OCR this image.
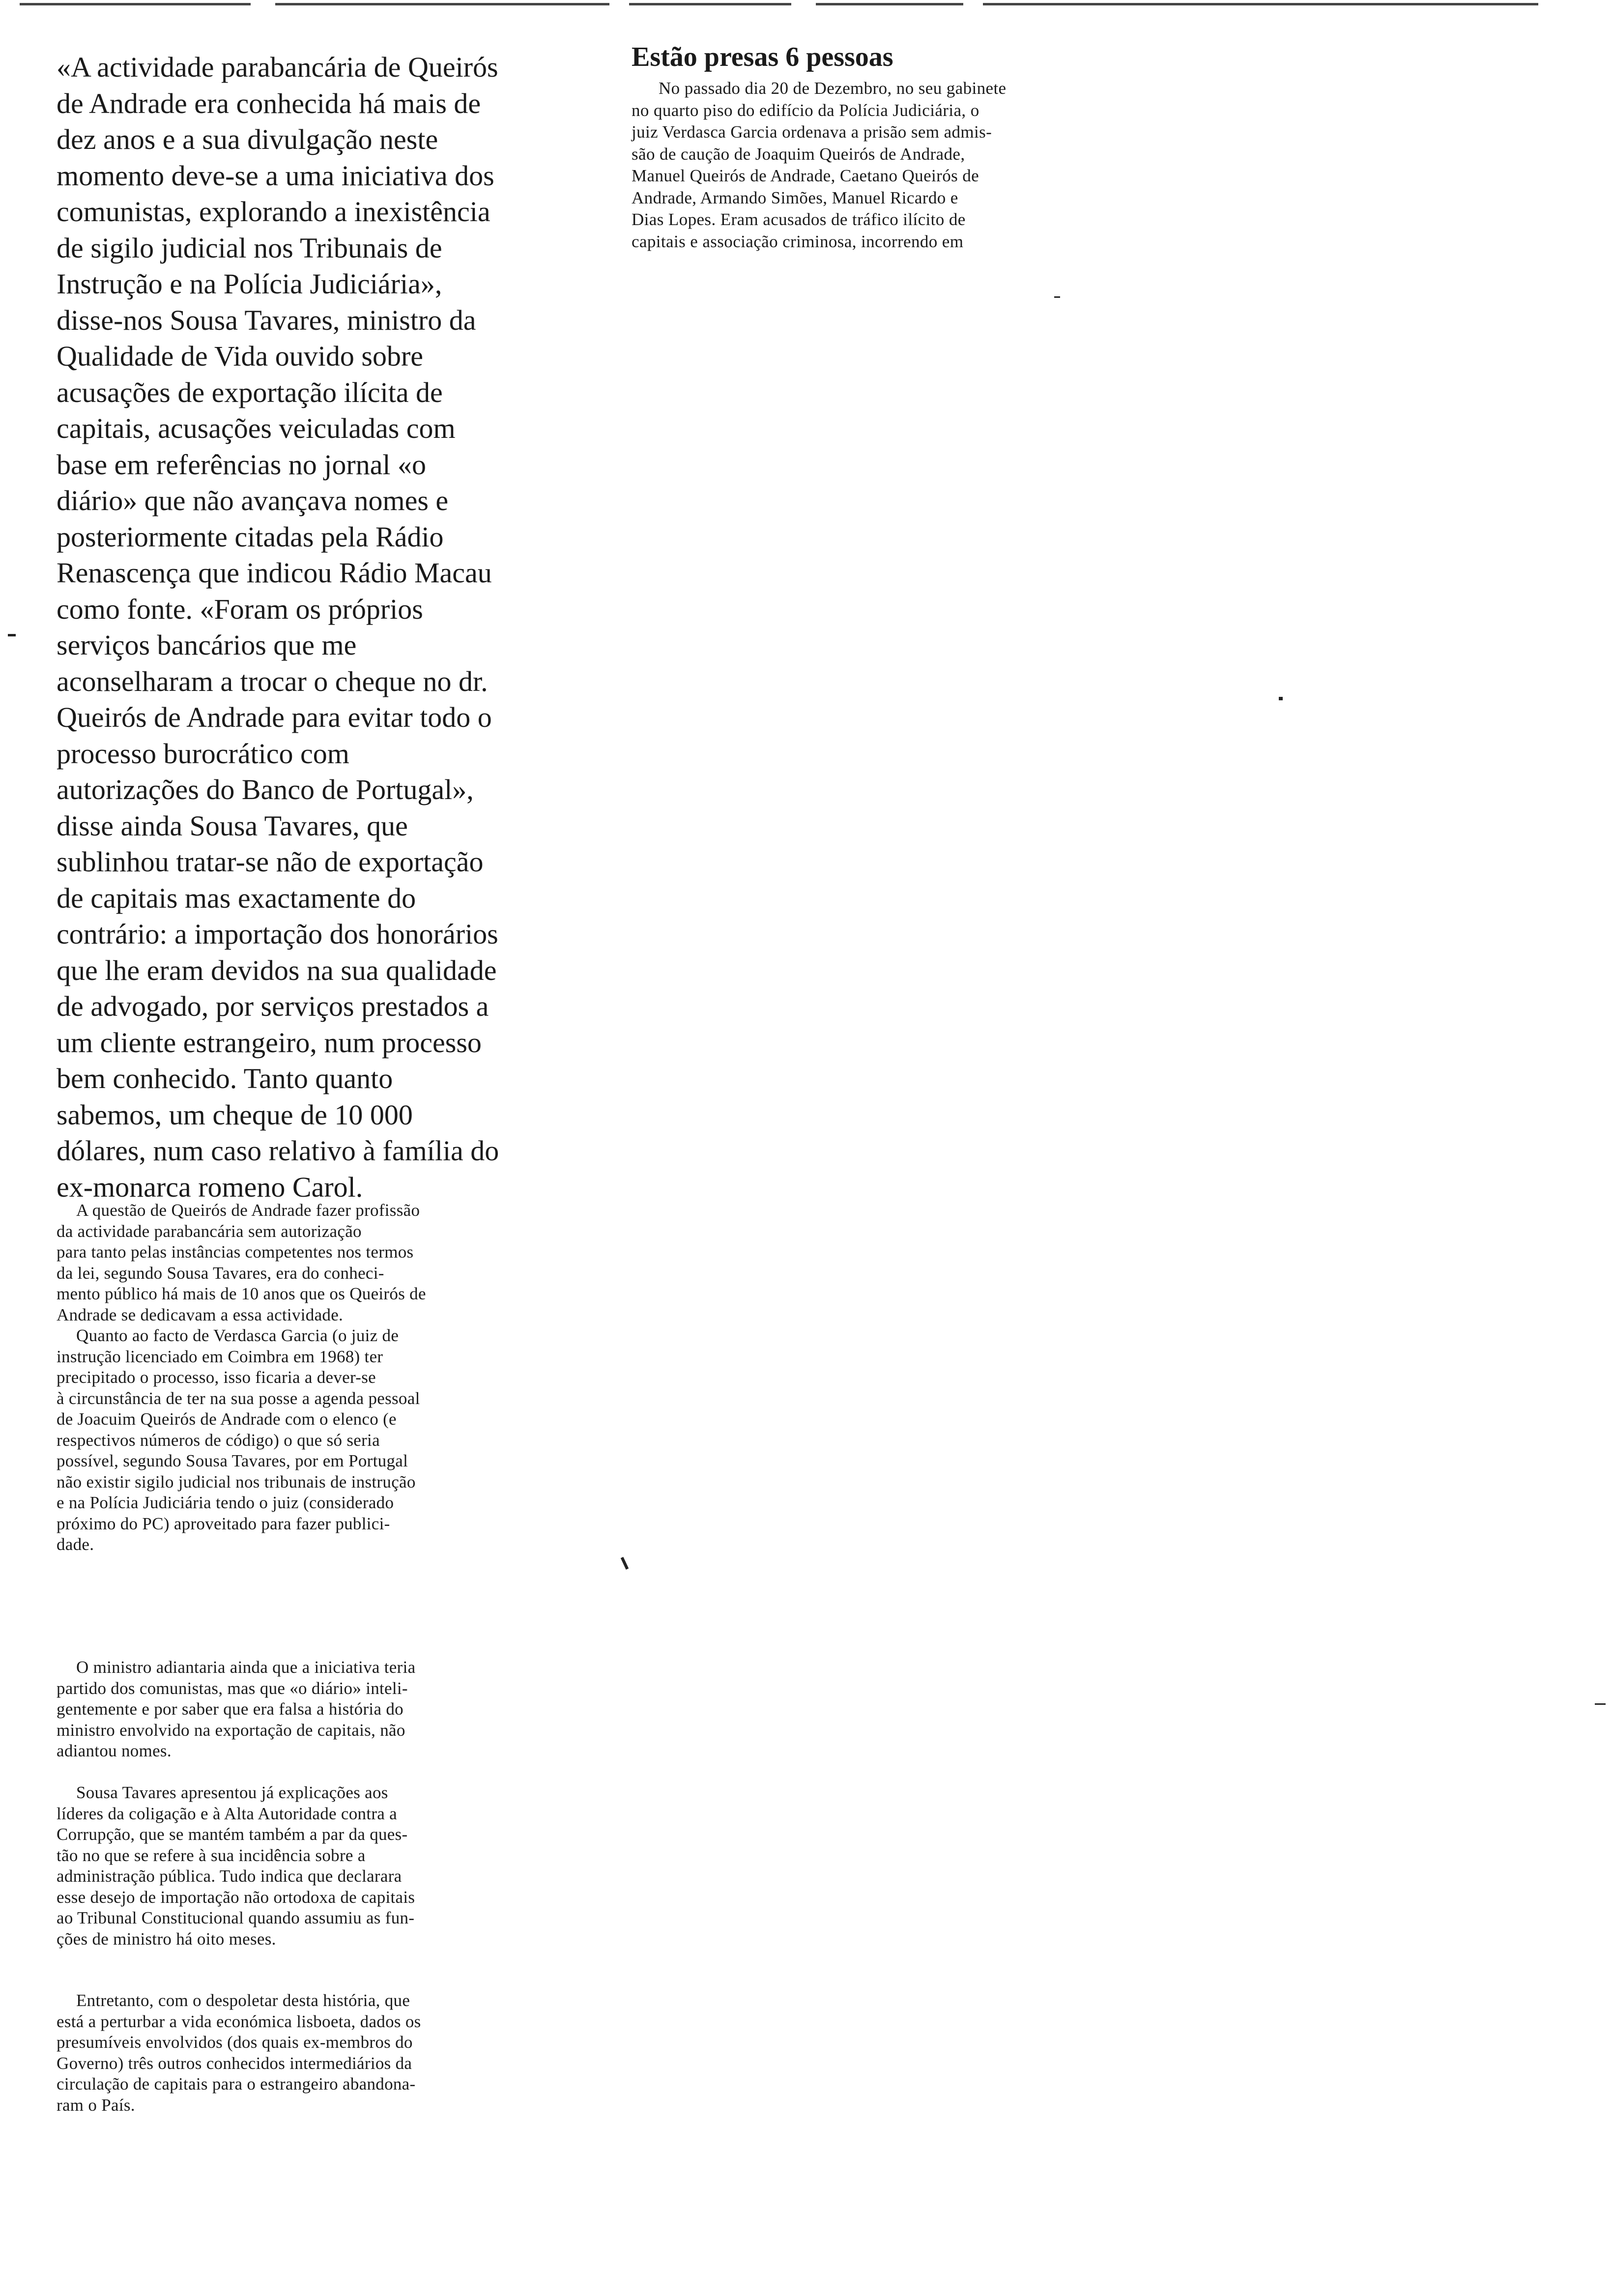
«A actividade parabancária de Queirós
de Andrade era conhecida há mais de
dez anos e a sua divulgação neste
momento deve-se a uma iniciativa dos
comunistas, explorando a inexistência
de sigilo judicial nos Tribunais de
Instrução e na Polícia Judiciária»,
disse-nos Sousa Tavares, ministro da
Qualidade de Vida ouvido sobre
acusações de exportação ilícita de
capitais, acusações veiculadas com
base em referências no jornal «o
diário» que não avançava nomes e
posteriormente citadas pela Rádio
Renascença que indicou Rádio Macau
como fonte. «Foram os próprios
serviços bancários que me
aconselharam a trocar o cheque no dr.
Queirós de Andrade para evitar todo o
processo burocrático com
autorizações do Banco de Portugal»,
disse ainda Sousa Tavares, que
sublinhou tratar-se não de exportação
de capitais mas exactamente do
contrário: a importação dos honorários
que lhe eram devidos na sua qualidade
de advogado, por serviços prestados a
um cliente estrangeiro, num processo
bem conhecido. Tanto quanto
sabemos, um cheque de 10 000
dólares, num caso relativo à família do
ex-monarca romeno Carol.

A questão de Queirós de Andrade fazer profissão
da actividade parabancária sem autorização
para tanto pelas instâncias competentes nos termos
da lei, segundo Sousa Tavares, era do conheci-
mento público há mais de 10 anos que os Queirós de
Andrade se dedicavam a essa actividade.
Quanto ao facto de Verdasca Garcia (o juiz de
instrução licenciado em Coimbra em 1968) ter
precipitado o processo, isso ficaria a dever-se
à circunstância de ter na sua posse a agenda pessoal
de Joacuim Queirós de Andrade com o elenco (e
respectivos números de código) o que só seria
possível, segundo Sousa Tavares, por em Portugal
não existir sigilo judicial nos tribunais de instrução
e na Polícia Judiciária tendo o juiz (considerado
próximo do PC) aproveitado para fazer publici-
dade.
O ministro adiantaria ainda que a iniciativa teria
partido dos comunistas, mas que «o diário» inteli-
gentemente e por saber que era falsa a história do
ministro envolvido na exportação de capitais, não
adiantou nomes.
Sousa Tavares apresentou já explicações aos
líderes da coligação e à Alta Autoridade contra a
Corrupção, que se mantém também a par da ques-
tão no que se refere à sua incidência sobre a
administração pública. Tudo indica que declarara
esse desejo de importação não ortodoxa de capitais
ao Tribunal Constitucional quando assumiu as fun-
ções de ministro há oito meses.
Entretanto, com o despoletar desta história, que
está a perturbar a vida económica lisboeta, dados os
presumíveis envolvidos (dos quais ex-membros do
Governo) três outros conhecidos intermediários da
circulação de capitais para o estrangeiro abandona-
ram o País.
Estão presas 6 pessoas
No passado dia 20 de Dezembro, no seu gabinete
no quarto piso do edifício da Polícia Judiciária, o
juiz Verdasca Garcia ordenava a prisão sem admis-
são de caução de Joaquim Queirós de Andrade,
Manuel Queirós de Andrade, Caetano Queirós de
Andrade, Armando Simões, Manuel Ricardo e
Dias Lopes. Eram acusados de tráfico ilícito de
capitais e associação criminosa, incorrendo em
